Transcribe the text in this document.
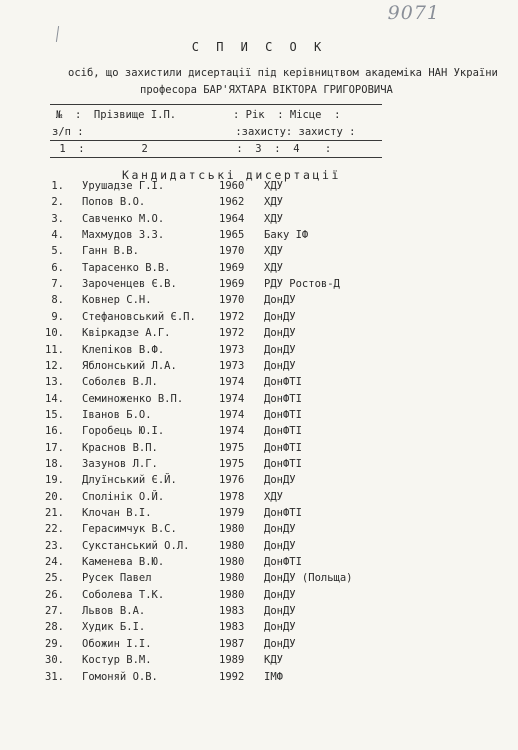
9071
С П И С О К
осіб, що захистили дисертації під керівництвом академіка НАН України
професора БАР'ЯХТАРА ВІКТОРА ГРИГОРОВИЧА
№  :  Прізвище І.П.         : Рік  : Місце  :
з/п :                        :захисту: захисту :
1  :         2              :  3  :  4    :
Кандидатські дисертації
1. Урушадзе Г.І.	1960 ХДУ
2. Попов В.О.	1962 ХДУ
3. Савченко М.О.	1964 ХДУ
4. Махмудов З.З.	1965 Баку ІФ
5. Ганн В.В.	1970 ХДУ
6. Тарасенко В.В.	1969 ХДУ
7. Зароченцев Є.В.	1969 РДУ Ростов-Д
8. Ковнер С.Н.	1970 ДонДУ
9. Стефановський Є.П. 1972 ДонДУ
10. Квіркадзе А.Г.	1972 ДонДУ
11. Клепіков В.Ф.	1973 ДонДУ
12. Яблонський Л.А.	1973 ДонДУ
13. Соболєв В.Л.	1974 ДонФТІ
14. Семиноженко В.П.	1974 ДонФТІ
15. Іванов Б.О.	1974 ДонФТІ
16. Горобець Ю.І.	1974 ДонФТІ
17. Краснов В.П.	1975 ДонФТІ
18. Зазунов Л.Г.	1975 ДонФТІ
19. Длуїнський Є.Й.	1976 ДонДУ
20. Сполінік О.Й.	1978 ХДУ
21. Клочан В.І.	1979 ДонФТІ
22. Герасимчук В.С.	1980 ДонДУ
23. Сукстанський О.Л.	1980 ДонДУ
24. Каменева В.Ю.	1980 ДонФТІ
25. Русек Павел	1980 ДонДУ (Польща)
26. Соболева Т.К.	1980 ДонДУ
27. Львов В.А.	1983 ДонДУ
28. Худик Б.І.	1983 ДонДУ
29. Обожин І.І.	1987 ДонДУ
30. Костур В.М.	1989 КДУ
31. Гомоняй О.В.	1992 ІМФ
